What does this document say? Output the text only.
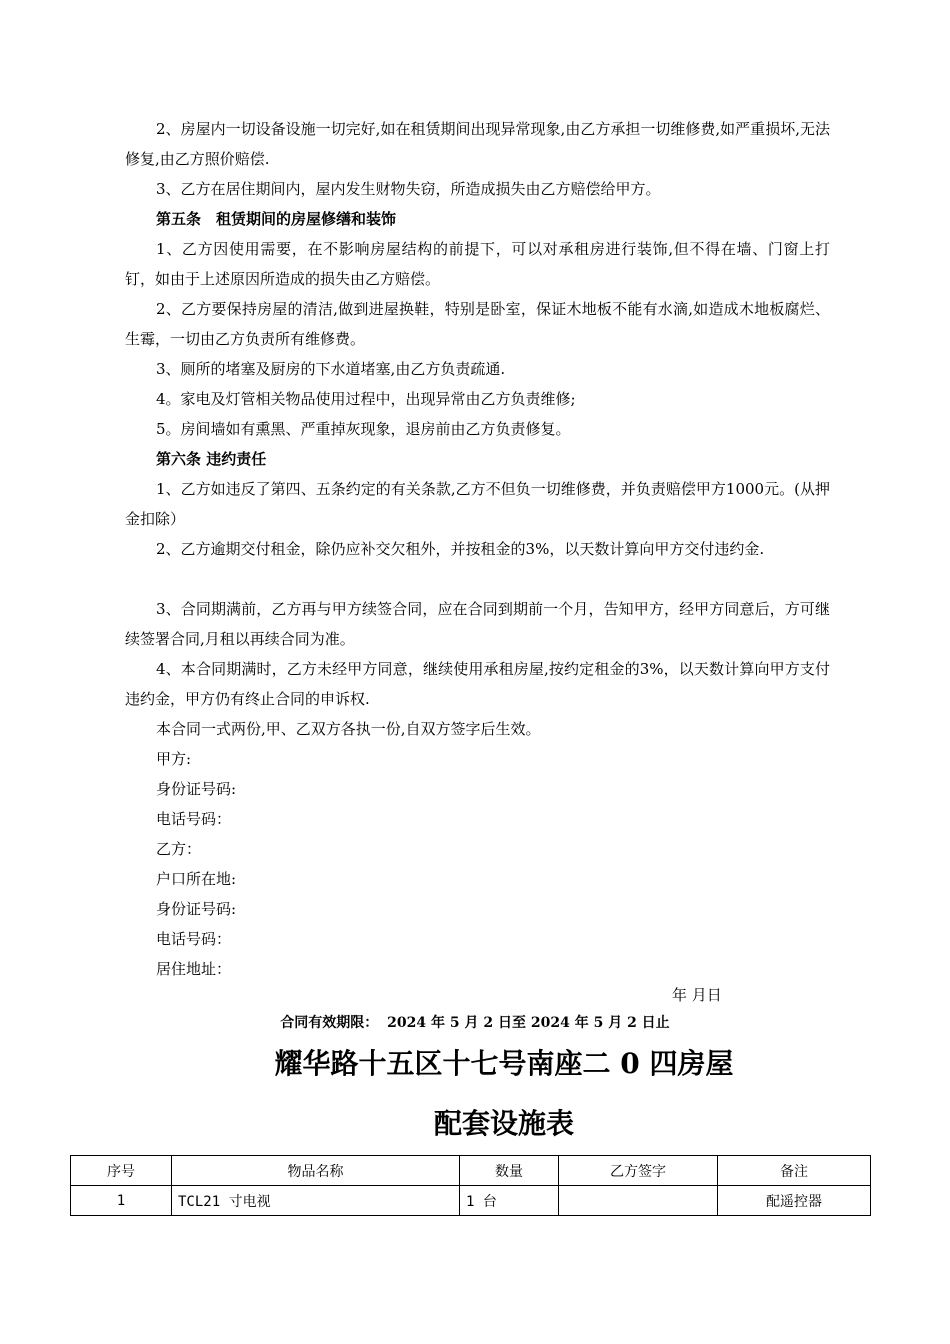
2、房屋内一切设备设施一切完好,如在租赁期间出现异常现象,由乙方承担一切维修费,如严重损坏,无法修复,由乙方照价赔偿.

3、乙方在居住期间内，屋内发生财物失窃，所造成损失由乙方赔偿给甲方。

第五条　租赁期间的房屋修缮和装饰

1、乙方因使用需要，在不影响房屋结构的前提下，可以对承租房进行装饰,但不得在墙、门窗上打钉，如由于上述原因所造成的损失由乙方赔偿。

2、乙方要保持房屋的清洁,做到进屋换鞋，特别是卧室，保证木地板不能有水滴,如造成木地板腐烂、生霉，一切由乙方负责所有维修费。

3、厕所的堵塞及厨房的下水道堵塞,由乙方负责疏通.

4。家电及灯管相关物品使用过程中，出现异常由乙方负责维修;

5。房间墙如有熏黑、严重掉灰现象，退房前由乙方负责修复。

第六条 违约责任

1、乙方如违反了第四、五条约定的有关条款,乙方不但负一切维修费，并负责赔偿甲方1000元。(从押金扣除）

2、乙方逾期交付租金，除仍应补交欠租外，并按租金的3%，以天数计算向甲方交付违约金.

3、合同期满前，乙方再与甲方续签合同，应在合同到期前一个月，告知甲方，经甲方同意后，方可继续签署合同,月租以再续合同为准。

4、本合同期满时，乙方未经甲方同意，继续使用承租房屋,按约定租金的3%，以天数计算向甲方支付违约金，甲方仍有终止合同的申诉权.

本合同一式两份,甲、乙双方各执一份,自双方签字后生效。

甲方:

身份证号码:

电话号码：

乙方：

户口所在地:

身份证号码:

电话号码：

居住地址：

年 月日
合同有效期限： 2024 年 5 月 2 日至 2024 年 5 月 2 日止
耀华路十五区十七号南座二 0 四房屋
配套设施表
序号	物品名称	数量	乙方签字	备注
1	TCL21 寸电视	1 台		配遥控器
